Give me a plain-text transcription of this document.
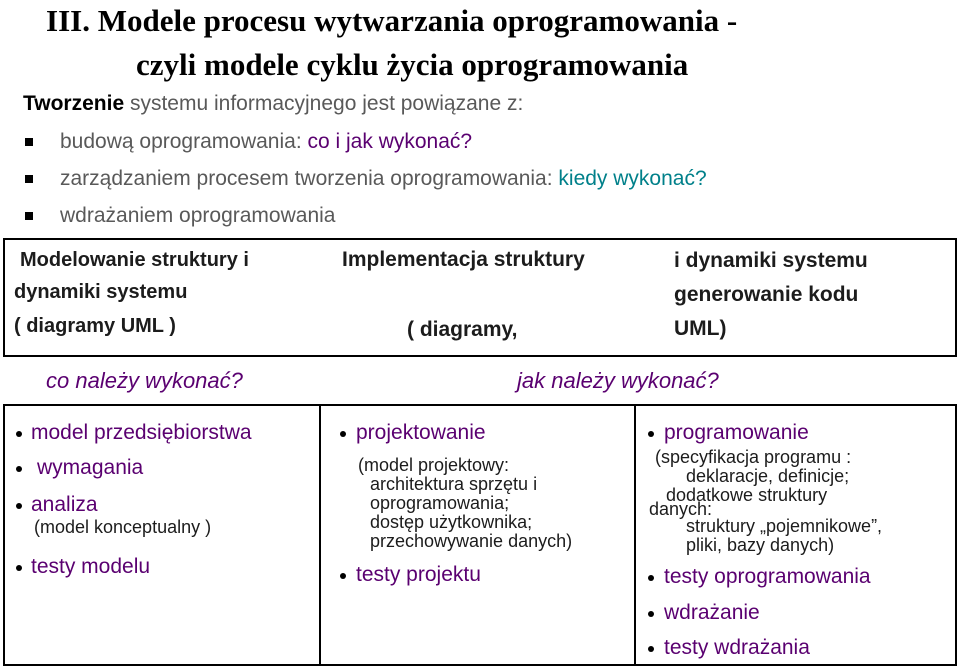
III. Modele procesu wytwarzania oprogramowania -
czyli modele cyklu życia oprogramowania
Tworzenie systemu informacyjnego jest powiązane z:
budową oprogramowania: co i jak wykonać?
zarządzaniem procesem tworzenia oprogramowania: kiedy wykonać?
wdrażaniem oprogramowania
Modelowanie struktury i
dynamiki systemu
( diagramy UML )
Implementacja struktury
( diagramy,
i dynamiki systemu
generowanie kodu
UML)
co należy wykonać?	jak należy wykonać?
model przedsiębiorstwa
wymagania
analiza
(model konceptualny )
testy modelu
projektowanie
(model projektowy:
architektura sprzętu i
oprogramowania;
dostęp użytkownika;
przechowywanie danych)
testy projektu
programowanie
(specyfikacja programu :
deklaracje, definicje;
dodatkowe struktury
danych:
struktury „pojemnikowe”,
pliki, bazy danych)
testy oprogramowania
wdrażanie
testy wdrażania
